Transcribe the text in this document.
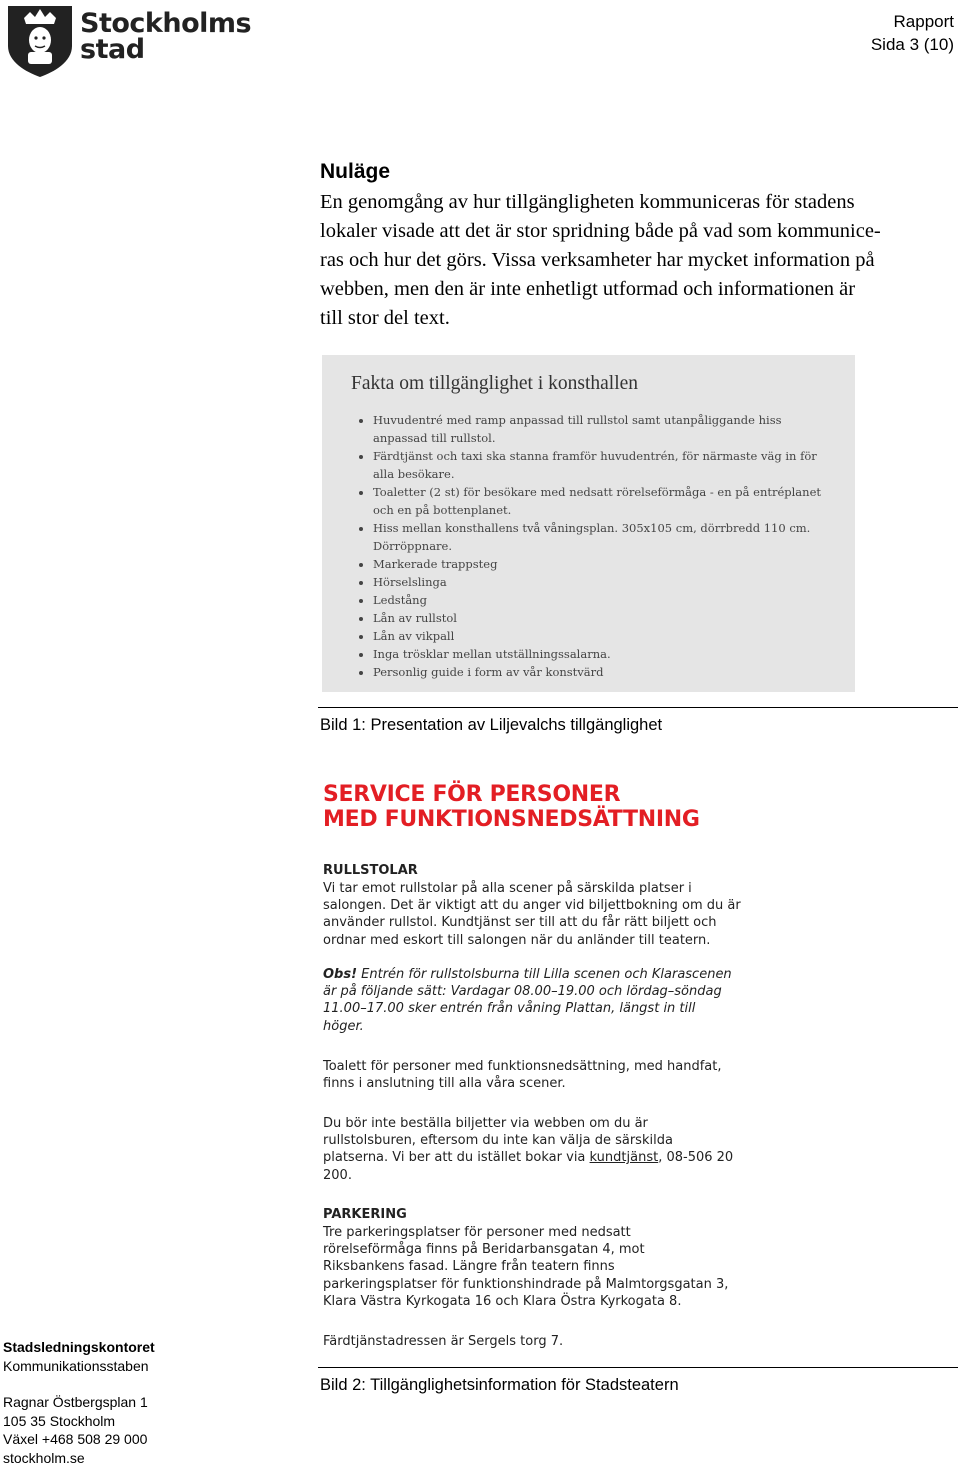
Stockholms
stad
Rapport
Sida 3 (10)
Nuläge
En genomgång av hur tillgängligheten kommuniceras för stadens
lokaler visade att det är stor spridning både på vad som kommunice-
ras och hur det görs. Vissa verksamheter har mycket information på
webben, men den är inte enhetligt utformad och informationen är
till stor del text.
Fakta om tillgänglighet i konsthallen
• Huvudentré med ramp anpassad till rullstol samt utanpåliggande hiss anpassad till rullstol.
• Färdtjänst och taxi ska stanna framför huvudentrén, för närmaste väg in för alla besökare.
• Toaletter (2 st) för besökare med nedsatt rörelseförmåga - en på entréplanet och en på bottenplanet.
• Hiss mellan konsthallens två våningsplan. 305x105 cm, dörrbredd 110 cm. Dörröppnare.
• Markerade trappsteg
• Hörselslinga
• Ledstång
• Lån av rullstol
• Lån av vikpall
• Inga trösklar mellan utställningssalarna.
• Personlig guide i form av vår konstvärd
Bild 1: Presentation av Liljevalchs tillgänglighet
SERVICE FÖR PERSONER
MED FUNKTIONSNEDSÄTTNING
RULLSTOLAR
Vi tar emot rullstolar på alla scener på särskilda platser i
salongen. Det är viktigt att du anger vid biljettbokning om du är
använder rullstol. Kundtjänst ser till att du får rätt biljett och
ordnar med eskort till salongen när du anländer till teatern.
Obs! Entrén för rullstolsburna till Lilla scenen och Klarascenen
är på följande sätt: Vardagar 08.00–19.00 och lördag–söndag
11.00–17.00 sker entrén från våning Plattan, längst in till
höger.
Toalett för personer med funktionsnedsättning, med handfat,
finns i anslutning till alla våra scener.
Du bör inte beställa biljetter via webben om du är
rullstolsburen, eftersom du inte kan välja de särskilda
platserna. Vi ber att du istället bokar via kundtjänst, 08-506 20
200.
PARKERING
Tre parkeringsplatser för personer med nedsatt
rörelseförmåga finns på Beridarbansgatan 4, mot
Riksbankens fasad. Längre från teatern finns
parkeringsplatser för funktionshindrade på Malmtorgsgatan 3,
Klara Västra Kyrkogata 16 och Klara Östra Kyrkogata 8.
Färdtjänstadressen är Sergels torg 7.
Bild 2: Tillgänglighetsinformation för Stadsteatern
Stadsledningskontoret
Kommunikationsstaben
Ragnar Östbergsplan 1
105 35 Stockholm
Växel +468 508 29 000
stockholm.se
